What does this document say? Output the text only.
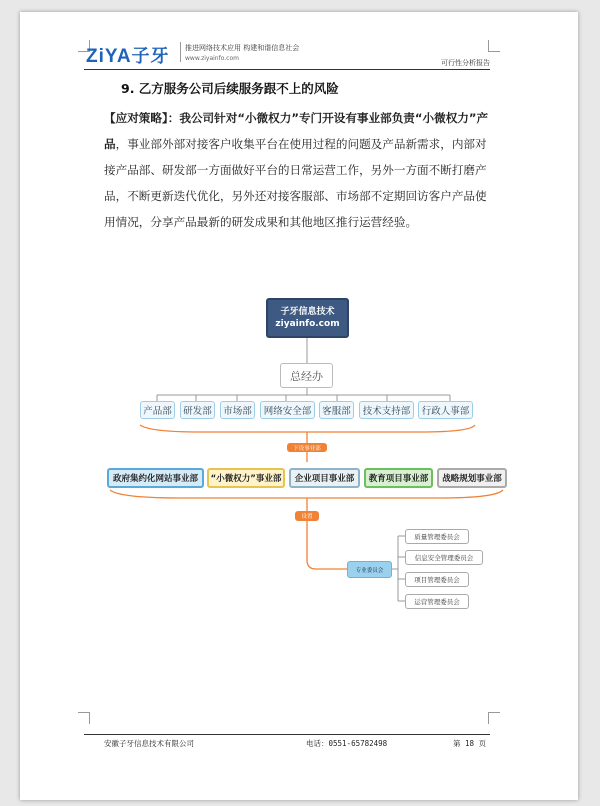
ZiYA子牙 推进网络技术应用 构建和谐信息社会
www.ziyainfo.com
可行性分析报告
9. 乙方服务公司后续服务跟不上的风险
【应对策略】：我公司针对“小微权力”专门开设有事业部负责“小微权力”产品，事业部外部对接客户收集平台在使用过程的问题及产品新需求，内部对接产品部、研发部一方面做好平台的日常运营工作，另外一方面不断打磨产品，不断更新迭代优化，另外还对接客服部、市场部不定期回访客户产品使用情况，分享产品最新的研发成果和其他地区推行运营经验。
子牙信息技术
ziyainfo.com
总经办
产品部	研发部	市场部	网络安全部	客服部	技术支持部	行政人事部
下设事业部
政府集约化网站事业部	“小微权力”事业部	企业项目事业部	教育项目事业部	战略规划事业部
设置
专业委员会
质量管理委员会
信息安全管理委员会
项目管理委员会
运营管理委员会
安徽子牙信息技术有限公司	电话：0551-65782498	第 18 页
